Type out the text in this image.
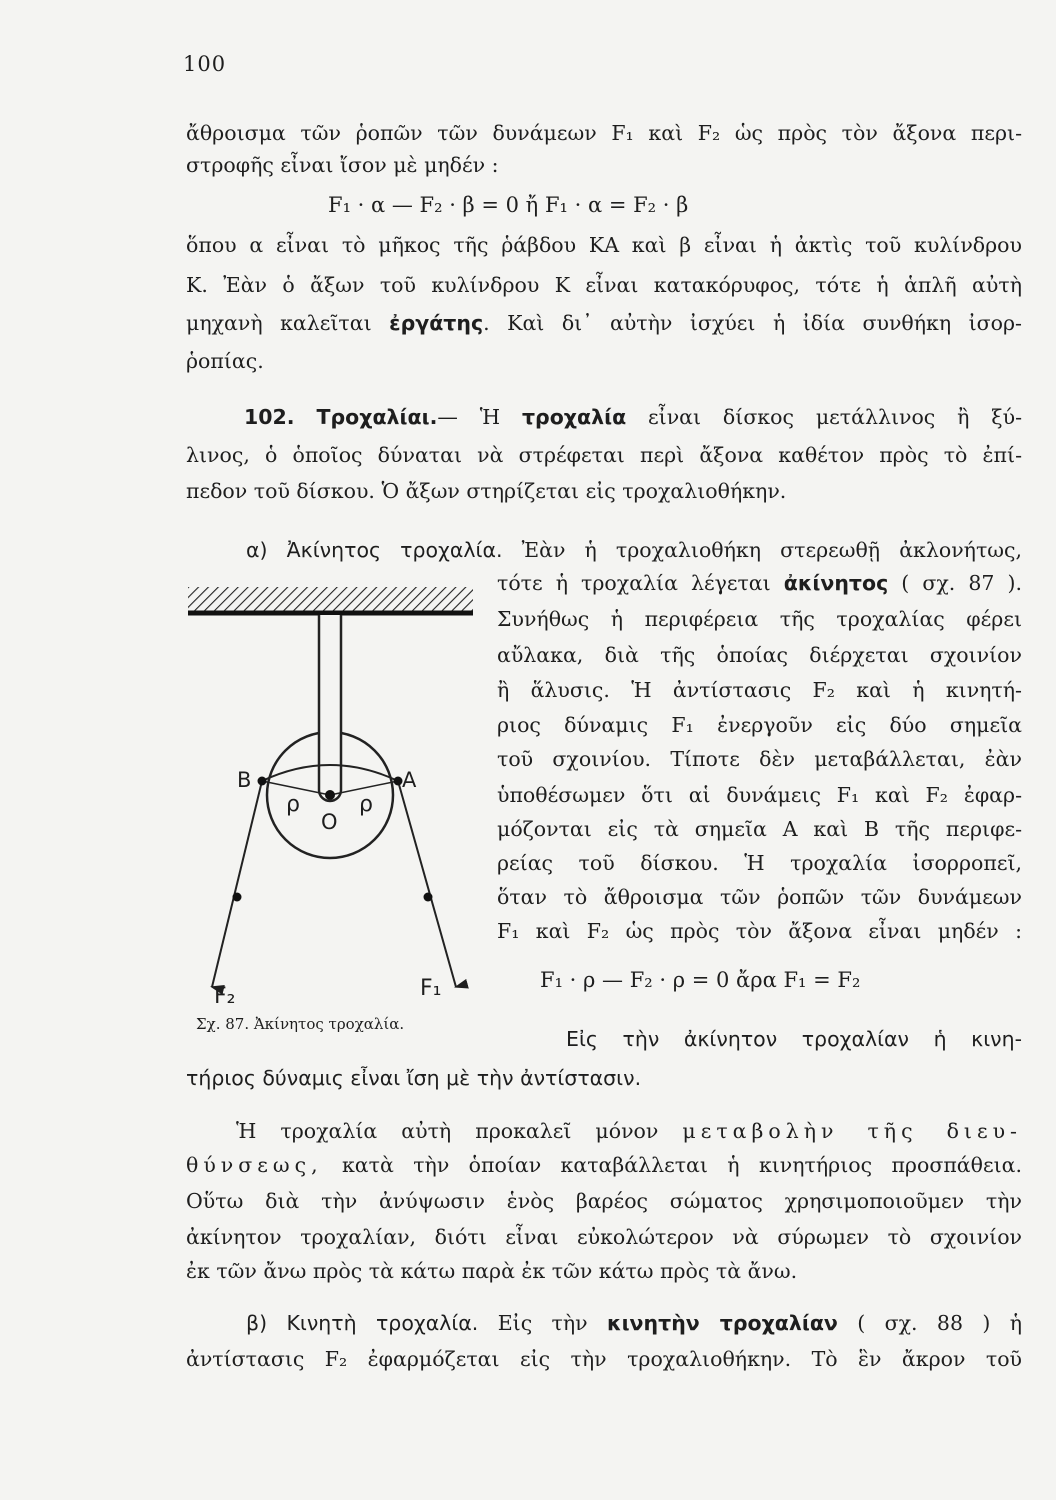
100
ἄθροισμα τῶν ῥοπῶν τῶν δυνάμεων F₁ καὶ F₂ ὡς πρὸς τὸν ἄξονα περι-
στροφῆς εἶναι ἴσον μὲ μηδέν :
F₁ · α — F₂ · β = 0 ἤ F₁ · α = F₂ · β
ὅπου α εἶναι τὸ μῆκος τῆς ῥάβδου ΚΑ καὶ β εἶναι ἡ ἀκτὶς τοῦ κυλίνδρου
Κ. Ἐὰν ὁ ἄξων τοῦ κυλίνδρου Κ εἶναι κατακόρυφος, τότε ἡ ἁπλῆ αὐτὴ
μηχανὴ καλεῖται ἐργάτης. Καὶ δι᾽ αὐτὴν ἰσχύει ἡ ἰδία συνθήκη ἰσορ-
ῥοπίας.
102. Τροχαλίαι.— Ἡ τροχαλία εἶναι δίσκος μετάλλινος ἢ ξύ-
λινος, ὁ ὁποῖος δύναται νὰ στρέφεται περὶ ἄξονα καθέτον πρὸς τὸ ἐπί-
πεδον τοῦ δίσκου. Ὁ ἄξων στηρίζεται εἰς τροχαλιοθήκην.
α) Ἀκίνητος τροχαλία. Ἐὰν ἡ τροχαλιοθήκη στερεωθῇ ἀκλονήτως,
τότε ἡ τροχαλία λέγεται ἀκίνητος ( σχ. 87 ).
Συνήθως ἡ περιφέρεια τῆς τροχαλίας φέρει
αὔλακα, διὰ τῆς ὁποίας διέρχεται σχοινίον
ἢ ἅλυσις. Ἡ ἀντίστασις F₂ καὶ ἡ κινητή-
ριος δύναμις F₁ ἐνεργοῦν εἰς δύο σημεῖα
τοῦ σχοινίου. Τίποτε δὲν μεταβάλλεται, ἐὰν
ὑποθέσωμεν ὅτι αἱ δυνάμεις F₁ καὶ F₂ ἐφαρ-
μόζονται εἰς τὰ σημεῖα Α καὶ Β τῆς περιφε-
ρείας τοῦ δίσκου. Ἡ τροχαλία ἰσορροπεῖ,
ὅταν τὸ ἄθροισμα τῶν ῥοπῶν τῶν δυνάμεων
F₁ καὶ F₂ ὡς πρὸς τὸν ἄξονα εἶναι μηδέν :
F₁ · ρ — F₂ · ρ = 0 ἄρα F₁ = F₂
Εἰς τὴν ἀκίνητον τροχαλίαν ἡ κινη-
τήριος δύναμις εἶναι ἴση μὲ τὴν ἀντίστασιν.
Ἡ τροχαλία αὐτὴ προκαλεῖ μόνον μεταβολὴν τῆς διευ-
θύνσεως, κατὰ τὴν ὁποίαν καταβάλλεται ἡ κινητήριος προσπάθεια.
Οὕτω διὰ τὴν ἀνύψωσιν ἑνὸς βαρέος σώματος χρησιμοποιοῦμεν τὴν
ἀκίνητον τροχαλίαν, διότι εἶναι εὐκολώτερον νὰ σύρωμεν τὸ σχοινίον
ἐκ τῶν ἄνω πρὸς τὰ κάτω παρὰ ἐκ τῶν κάτω πρὸς τὰ ἄνω.
β) Κινητὴ τροχαλία. Εἰς τὴν κινητὴν τροχαλίαν ( σχ. 88 ) ἡ
ἀντίστασις F₂ ἐφαρμόζεται εἰς τὴν τροχαλιοθήκην. Τὸ ἓν ἄκρον τοῦ
B	A
ρ	ρ
O
F₂	F₁
Σχ. 87. Ἀκίνητος τροχαλία.
